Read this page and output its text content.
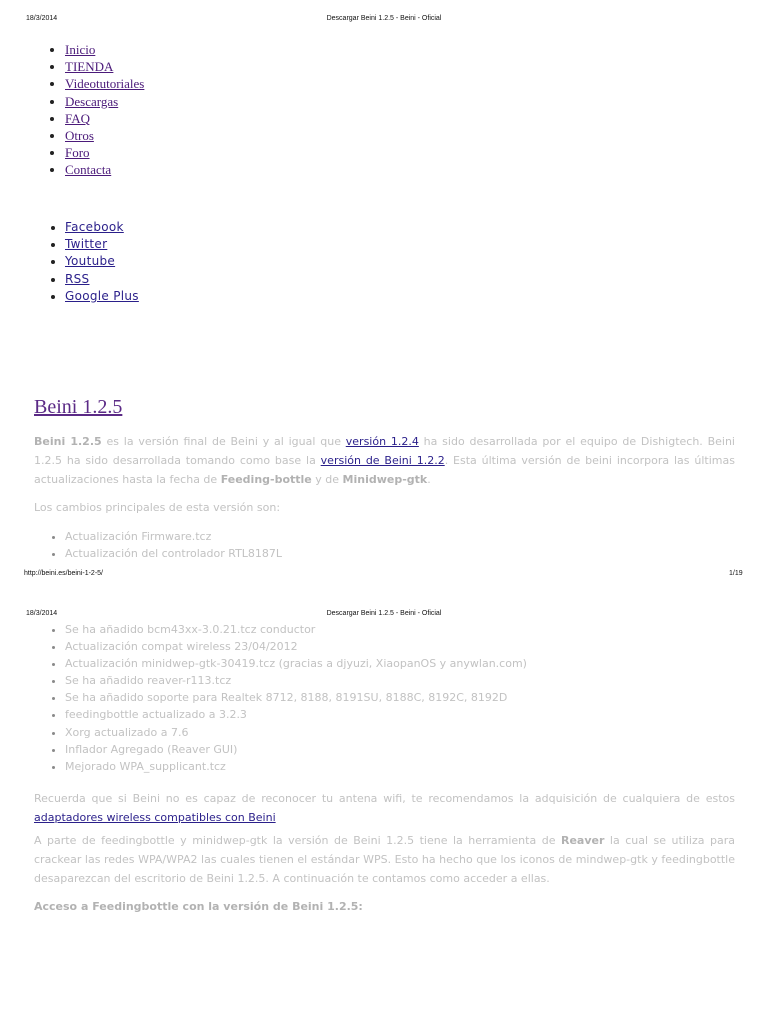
18/3/2014	Descargar Beini 1.2.5 - Beini - Oficial
• Inicio
• TIENDA
• Videotutoriales
• Descargas
• FAQ
• Otros
• Foro
• Contacta
• Facebook
• Twitter
• Youtube
• RSS
• Google Plus
Beini 1.2.5

Beini 1.2.5 es la versión final de Beini y al igual que versión 1.2.4 ha sido desarrollada por el equipo de Dishigtech. Beini 1.2.5 ha sido desarrollada tomando como base la versión de Beini 1.2.2. Esta última versión de beini incorpora las últimas actualizaciones hasta la fecha de Feeding-bottle y de Minidwep-gtk.

Los cambios principales de esta versión son:

• Actualización Firmware.tcz
• Actualización del controlador RTL8187L
http://beini.es/beini-1-2-5/	1/19
18/3/2014	Descargar Beini 1.2.5 - Beini - Oficial
• Se ha añadido bcm43xx-3.0.21.tcz conductor
• Actualización compat wireless 23/04/2012
• Actualización minidwep-gtk-30419.tcz (gracias a djyuzi, XiaopanOS y anywlan.com)
• Se ha añadido reaver-r113.tcz
• Se ha añadido soporte para Realtek 8712, 8188, 8191SU, 8188C, 8192C, 8192D
• feedingbottle actualizado a 3.2.3
• Xorg actualizado a 7.6
• Inflador Agregado (Reaver GUI)
• Mejorado WPA_supplicant.tcz

Recuerda que si Beini no es capaz de reconocer tu antena wifi, te recomendamos la adquisición de cualquiera de estos adaptadores wireless compatibles con Beini

A parte de feedingbottle y minidwep-gtk la versión de Beini 1.2.5 tiene la herramienta de Reaver la cual se utiliza para crackear las redes WPA/WPA2 las cuales tienen el estándar WPS. Esto ha hecho que los iconos de mindwep-gtk y feedingbottle desaparezcan del escritorio de Beini 1.2.5. A continuación te contamos como acceder a ellas.

Acceso a Feedingbottle con la versión de Beini 1.2.5:
